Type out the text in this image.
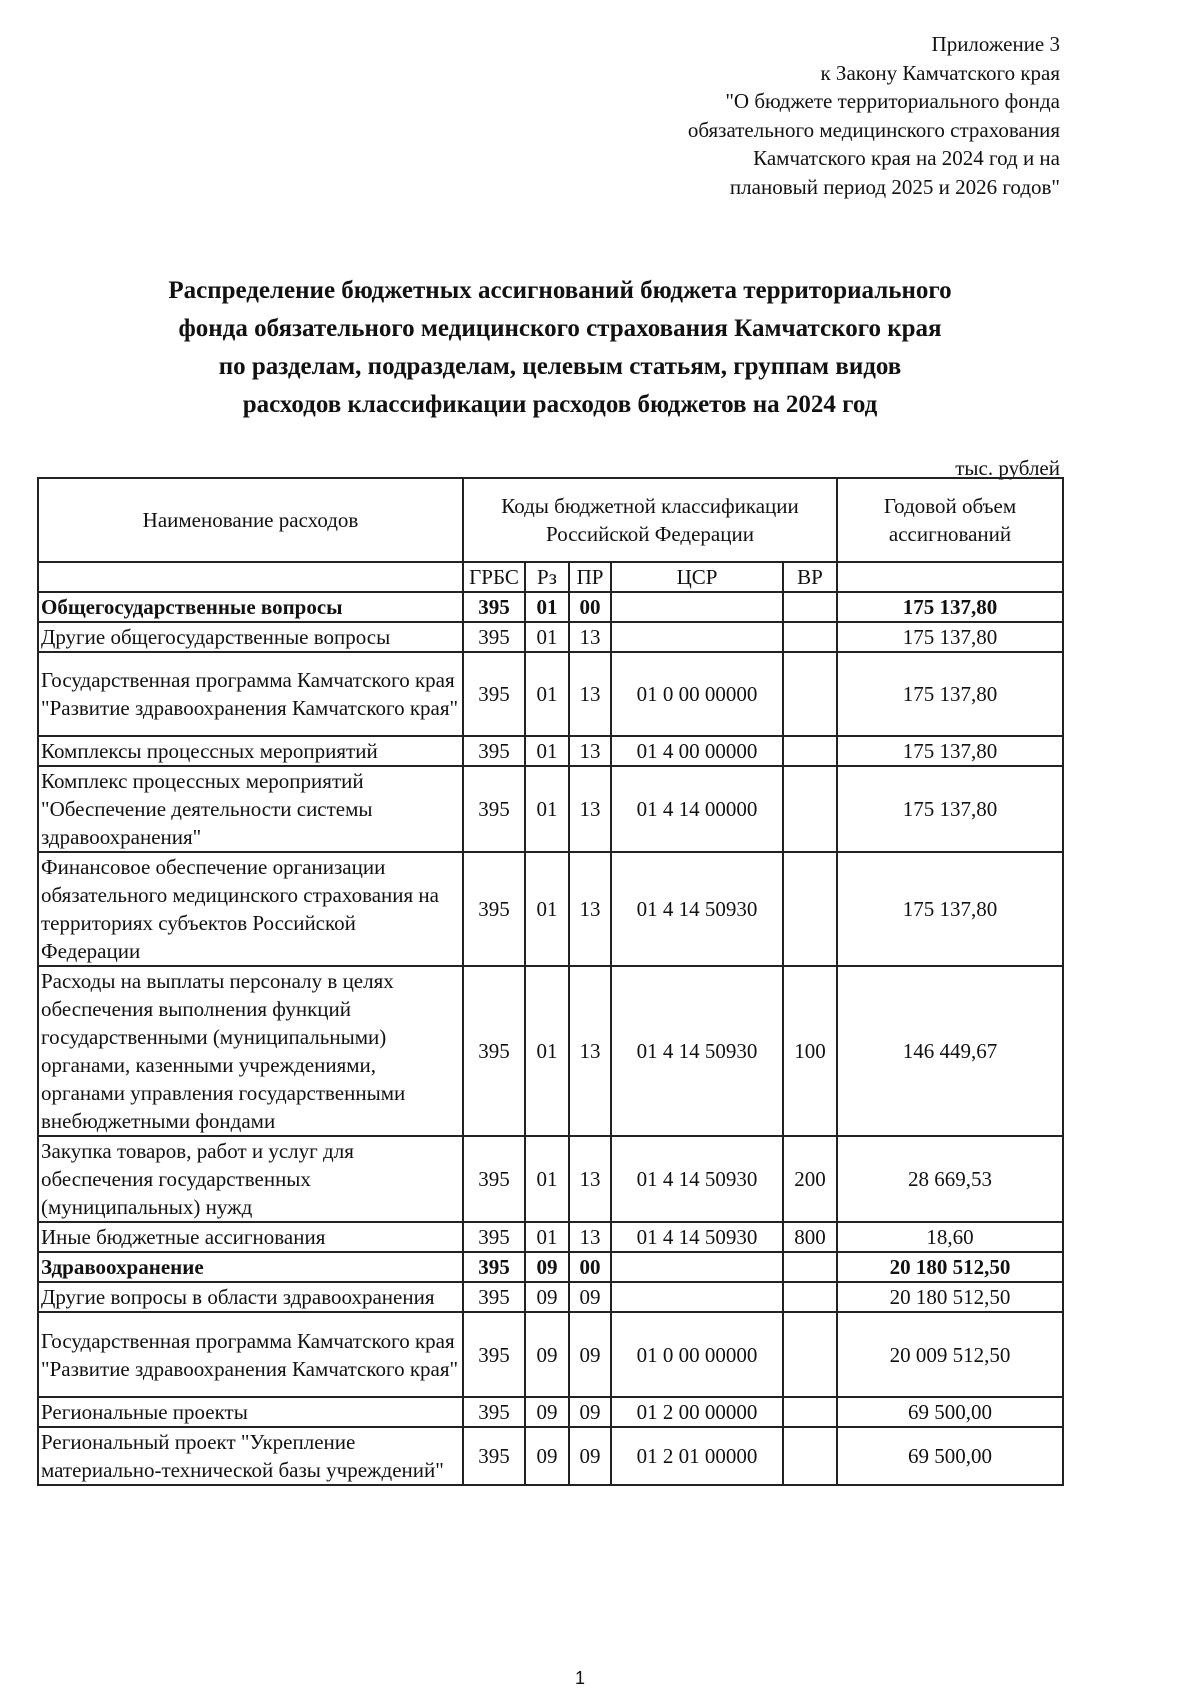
Приложение 3
к Закону Камчатского края
"О бюджете территориального фонда
обязательного медицинского страхования
Камчатского края на 2024 год и на
плановый период 2025 и 2026 годов"
Распределение бюджетных ассигнований бюджета территориального
фонда обязательного медицинского страхования Камчатского края
по разделам, подразделам, целевым статьям, группам видов
расходов классификации расходов бюджетов на 2024 год
тыс. рублей
Наименование расходов	Коды бюджетной классификации Российской Федерации					Годовой объем ассигнований
	ГРБС	Рз	ПР	ЦСР	ВР	
Общегосударственные вопросы	395	01	00			175 137,80
Другие общегосударственные вопросы	395	01	13			175 137,80
Государственная программа Камчатского края "Развитие здравоохранения Камчатского края"	395	01	13	01 0 00 00000		175 137,80
Комплексы процессных мероприятий	395	01	13	01 4 00 00000		175 137,80
Комплекс процессных мероприятий "Обеспечение деятельности системы здравоохранения"	395	01	13	01 4 14 00000		175 137,80
Финансовое обеспечение организации обязательного медицинского страхования на территориях субъектов Российской Федерации	395	01	13	01 4 14 50930		175 137,80
Расходы на выплаты персоналу в целях обеспечения выполнения функций государственными (муниципальными) органами, казенными учреждениями, органами управления государственными внебюджетными фондами	395	01	13	01 4 14 50930	100	146 449,67
Закупка товаров, работ и услуг для обеспечения государственных (муниципальных) нужд	395	01	13	01 4 14 50930	200	28 669,53
Иные бюджетные ассигнования	395	01	13	01 4 14 50930	800	18,60
Здравоохранение	395	09	00			20 180 512,50
Другие вопросы в области здравоохранения	395	09	09			20 180 512,50
Государственная программа Камчатского края "Развитие здравоохранения Камчатского края"	395	09	09	01 0 00 00000		20 009 512,50
Региональные проекты	395	09	09	01 2 00 00000		69 500,00
Региональный проект "Укрепление материально-технической базы учреждений"	395	09	09	01 2 01 00000		69 500,00
1
